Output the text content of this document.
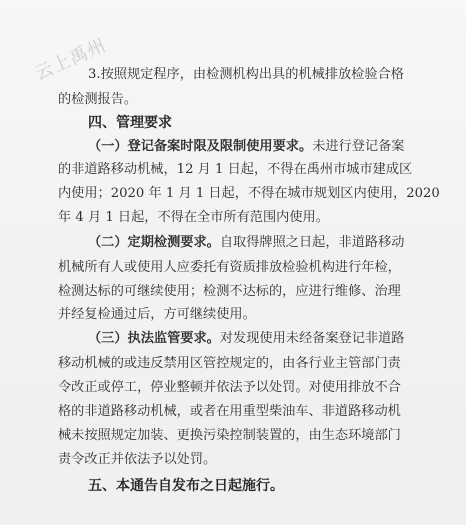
云上禹州
3.按照规定程序，由检测机构出具的机械排放检验合格
的检测报告。
四、管理要求
（一）登记备案时限及限制使用要求。未进行登记备案
的非道路移动机械，12 月 1 日起，不得在禹州市城市建成区
内使用；2020 年 1 月 1 日起，不得在城市规划区内使用，2020
年 4 月 1 日起，不得在全市所有范围内使用。
（二）定期检测要求。自取得牌照之日起，非道路移动
机械所有人或使用人应委托有资质排放检验机构进行年检，
检测达标的可继续使用；检测不达标的，应进行维修、治理
并经复检通过后，方可继续使用。
（三）执法监管要求。对发现使用未经备案登记非道路
移动机械的或违反禁用区管控规定的，由各行业主管部门责
令改正或停工，停业整顿并依法予以处罚。对使用排放不合
格的非道路移动机械，或者在用重型柴油车、非道路移动机
械未按照规定加装、更换污染控制装置的，由生态环境部门
责令改正并依法予以处罚。
五、本通告自发布之日起施行。
